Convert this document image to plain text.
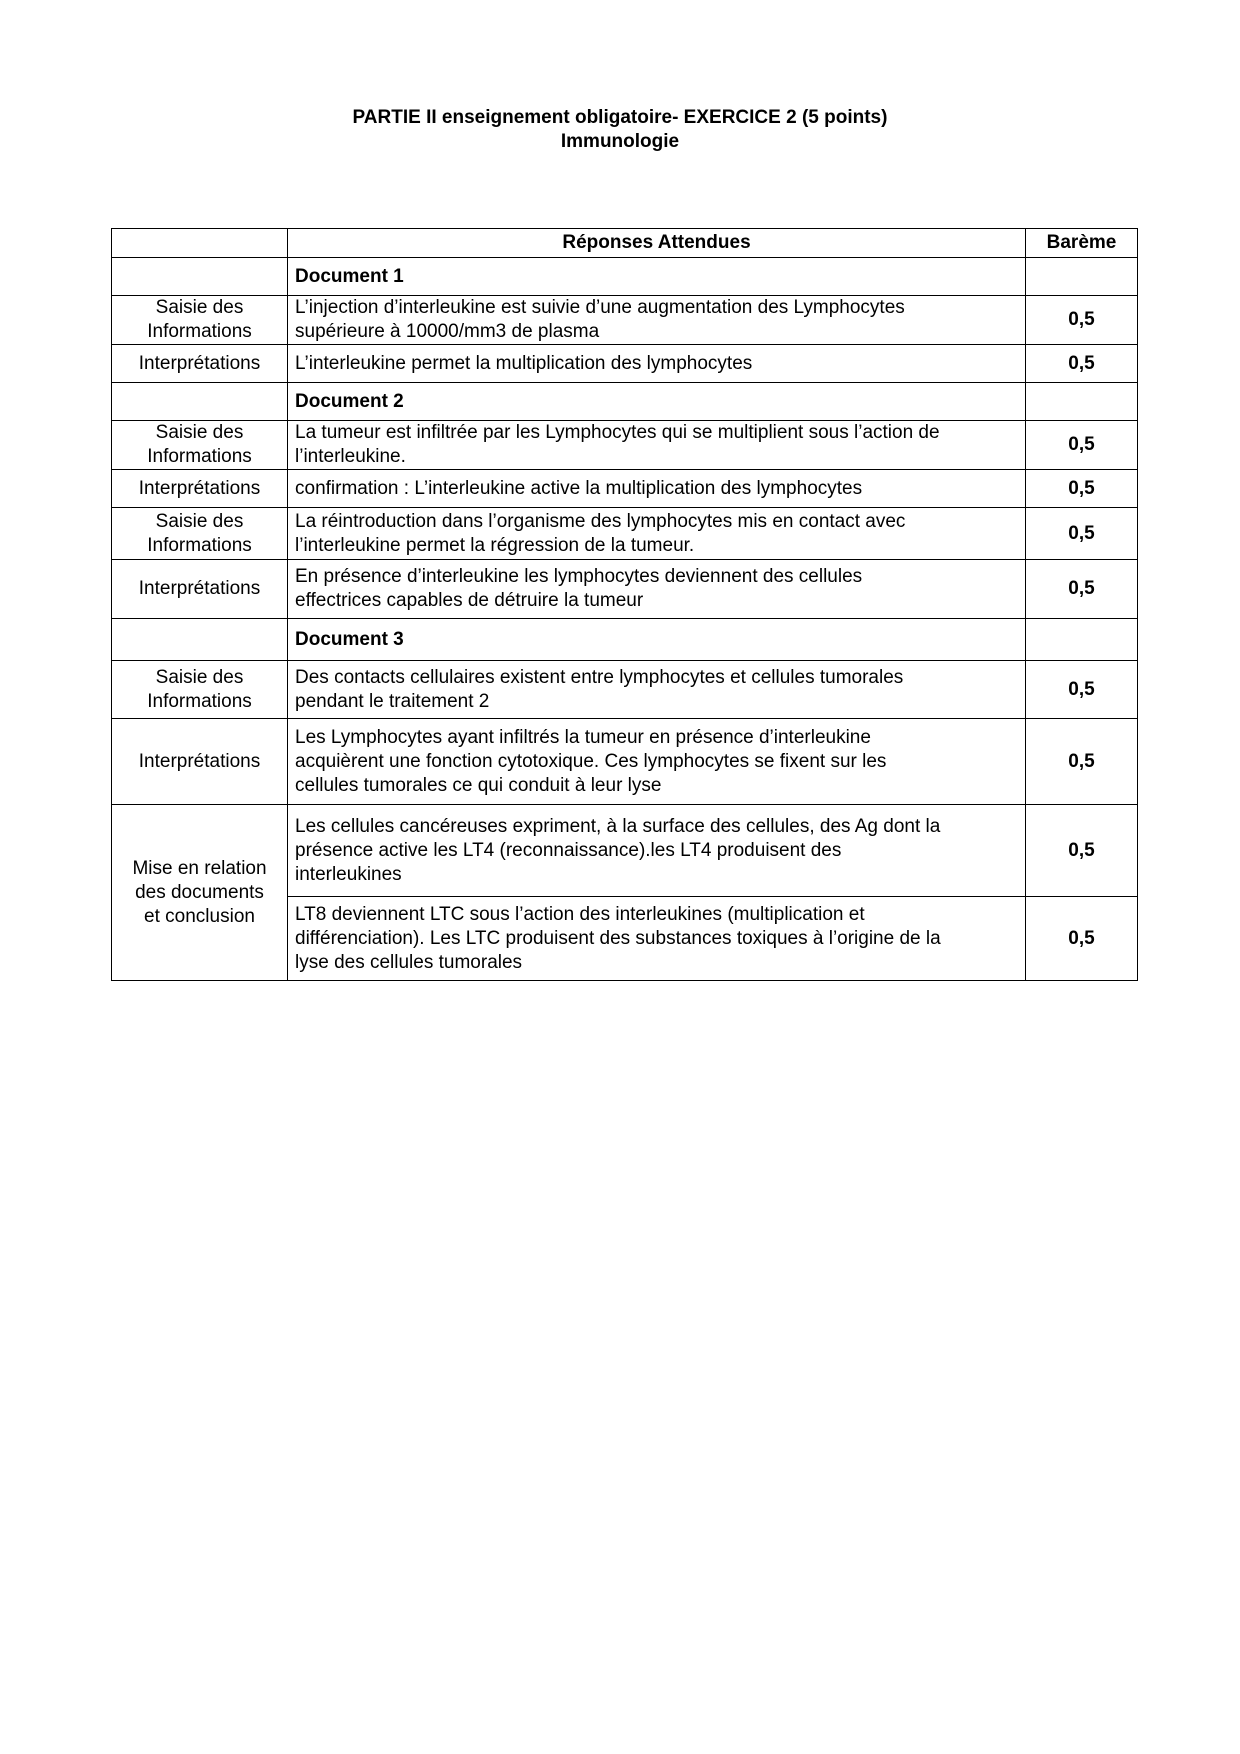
PARTIE II enseignement obligatoire- EXERCICE 2 (5 points)
Immunologie
	Réponses Attendues	Barème
	Document 1	
Saisie des
Informations	L’injection d’interleukine est suivie d’une augmentation des Lymphocytes
supérieure à 10000/mm3 de plasma	0,5
Interprétations	L’interleukine permet la multiplication des lymphocytes	0,5
	Document 2	
Saisie des
Informations	La tumeur est infiltrée par les Lymphocytes qui se multiplient sous l’action de
l’interleukine.	0,5
Interprétations	confirmation : L’interleukine active la multiplication des lymphocytes	0,5
Saisie des
Informations	La réintroduction dans l’organisme des lymphocytes mis en contact avec
l’interleukine permet la régression de la tumeur.	0,5
Interprétations	En présence d’interleukine les lymphocytes deviennent des cellules
effectrices capables de détruire la tumeur	0,5
	Document 3	
Saisie des
Informations	Des contacts cellulaires existent entre lymphocytes et cellules tumorales
pendant le traitement 2	0,5
Interprétations	Les Lymphocytes ayant infiltrés la tumeur en présence d’interleukine
acquièrent une fonction cytotoxique. Ces lymphocytes se fixent sur les
cellules tumorales ce qui conduit à leur lyse	0,5
Mise en relation
des documents
et conclusion	Les cellules cancéreuses expriment, à la surface des cellules, des Ag dont la
présence active les LT4 (reconnaissance).les LT4 produisent des
interleukines	0,5
	LT8 deviennent LTC sous l’action des interleukines (multiplication et
différenciation). Les LTC produisent des substances toxiques à l’origine de la
lyse des cellules tumorales	0,5
